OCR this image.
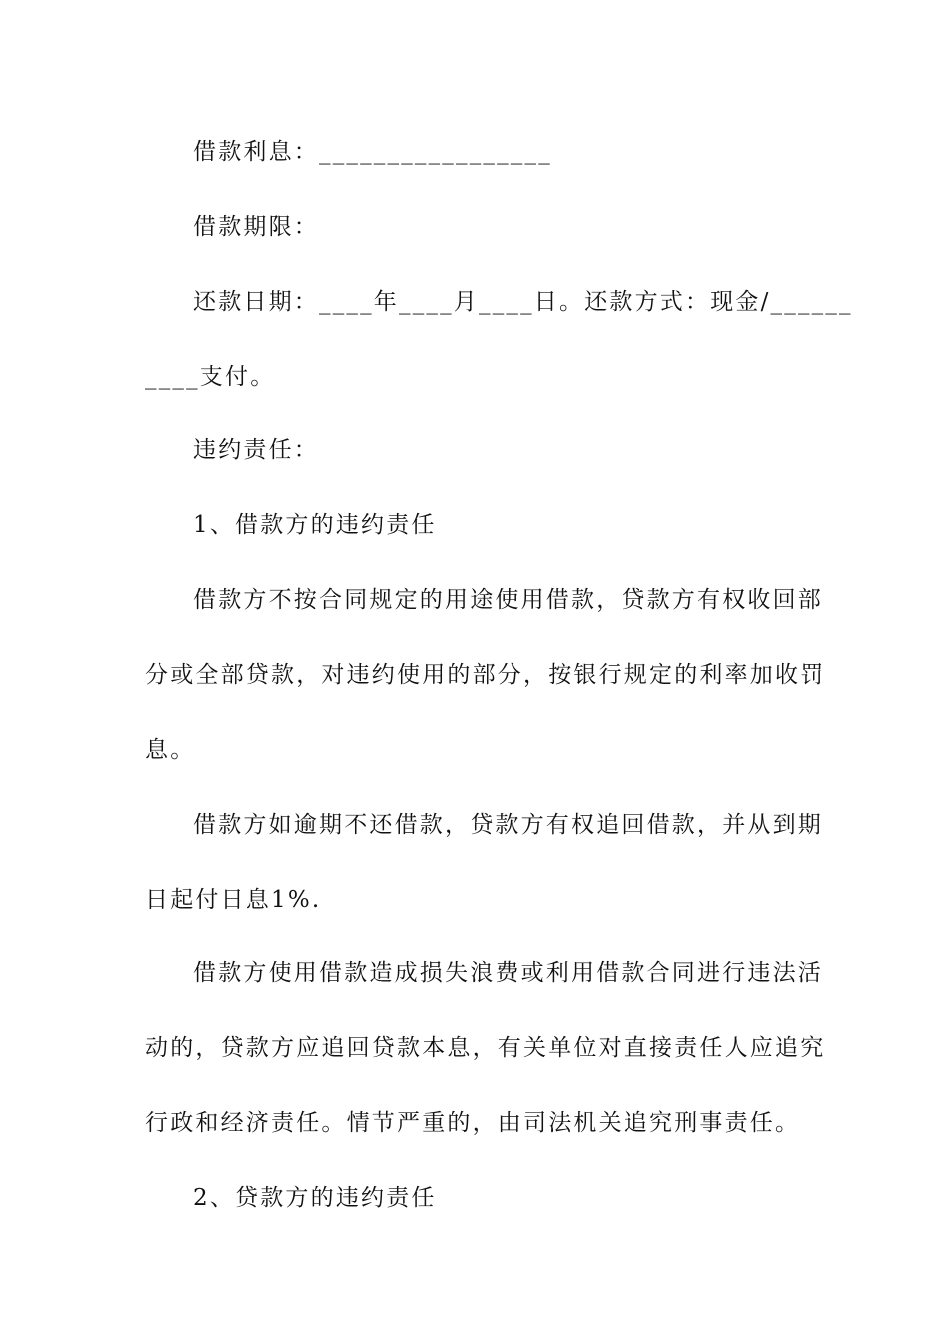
借款利息：_________________
借款期限：
还款日期：____年____月____日。还款方式：现金/______
____支付。
违约责任：
1、借款方的违约责任
借款方不按合同规定的用途使用借款，贷款方有权收回部
分或全部贷款，对违约使用的部分，按银行规定的利率加收罚
息。
借款方如逾期不还借款，贷款方有权追回借款，并从到期
日起付日息1%.
借款方使用借款造成损失浪费或利用借款合同进行违法活
动的，贷款方应追回贷款本息，有关单位对直接责任人应追究
行政和经济责任。情节严重的，由司法机关追究刑事责任。
2、贷款方的违约责任
